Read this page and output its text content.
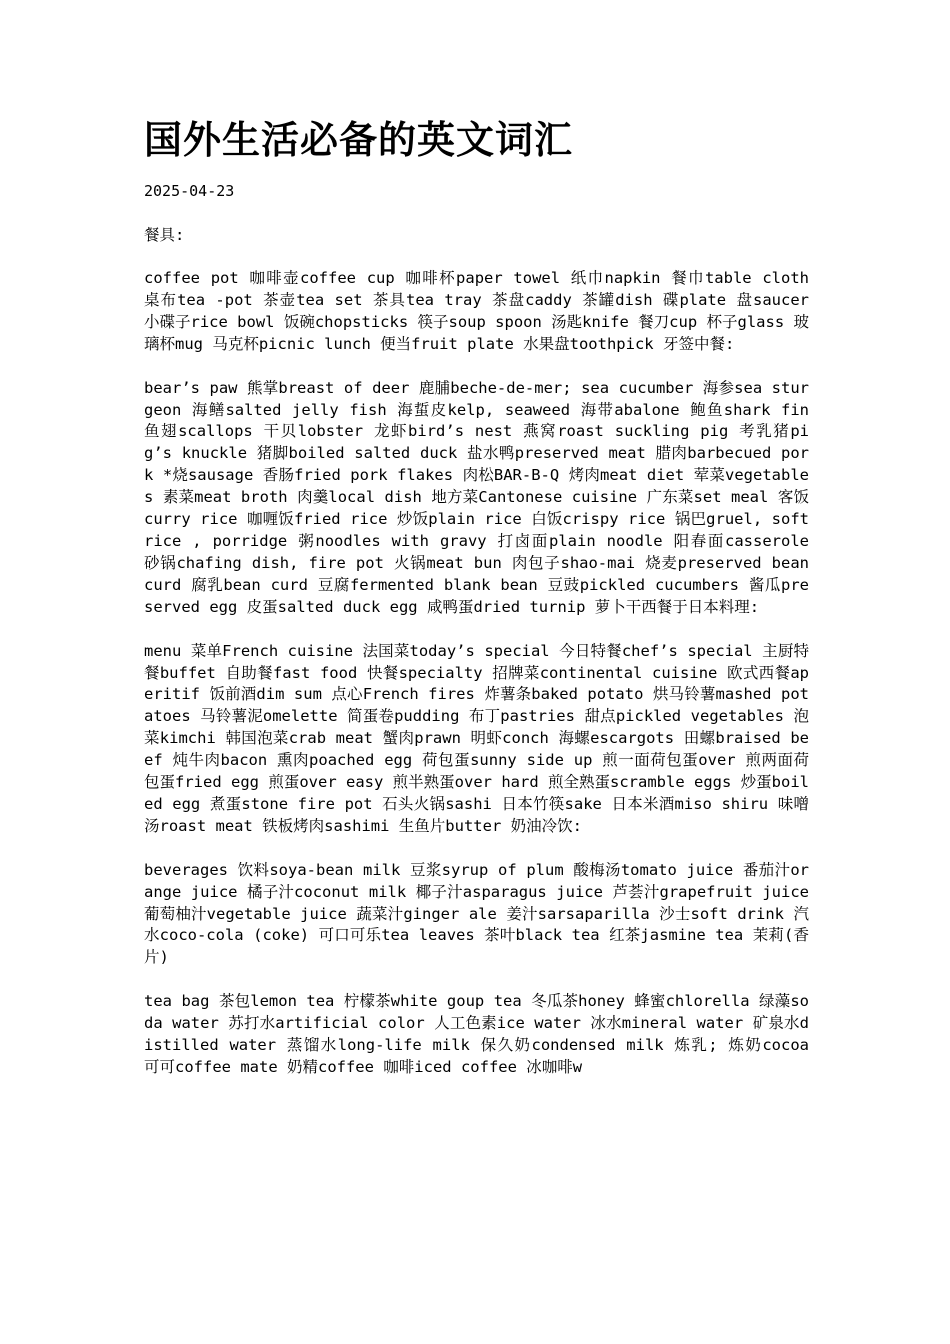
国外生活必备的英文词汇
2025-04-23
餐具:

coffee pot 咖啡壶coffee cup 咖啡杯paper towel 纸巾napkin 餐巾table cloth 桌布tea -pot 茶壶tea set 茶具tea tray 茶盘caddy 茶罐dish 碟plate 盘saucer 小碟子rice bowl 饭碗chopsticks 筷子soup spoon 汤匙knife 餐刀cup 杯子glass 玻璃杯mug 马克杯picnic lunch 便当fruit plate 水果盘toothpick 牙签中餐:

bear’s paw 熊掌breast of deer 鹿脯beche-de-mer; sea cucumber 海参sea sturgeon 海鳝salted jelly fish 海蜇皮kelp, seaweed 海带abalone 鲍鱼shark fin 鱼翅scallops 干贝lobster 龙虾bird’s nest 燕窝roast suckling pig 考乳猪pig’s knuckle 猪脚boiled salted duck 盐水鸭preserved meat 腊肉barbecued pork *烧sausage 香肠fried pork flakes 肉松BAR-B-Q 烤肉meat diet 荤菜vegetables 素菜meat broth 肉羹local dish 地方菜Cantonese cuisine 广东菜set meal 客饭curry rice 咖喱饭fried rice 炒饭plain rice 白饭crispy rice 锅巴gruel, soft rice , porridge 粥noodles with gravy 打卤面plain noodle 阳春面casserole 砂锅chafing dish, fire pot 火锅meat bun 肉包子shao-mai 烧麦preserved bean curd 腐乳bean curd 豆腐fermented blank bean 豆豉pickled cucumbers 酱瓜preserved egg 皮蛋salted duck egg 咸鸭蛋dried turnip 萝卜干西餐于日本料理:

menu 菜单French cuisine 法国菜today’s special 今日特餐chef’s special 主厨特餐buffet 自助餐fast food 快餐specialty 招牌菜continental cuisine 欧式西餐aperitif 饭前酒dim sum 点心French fires 炸薯条baked potato 烘马铃薯mashed potatoes 马铃薯泥omelette 简蛋卷pudding 布丁pastries 甜点pickled vegetables 泡菜kimchi 韩国泡菜crab meat 蟹肉prawn 明虾conch 海螺escargots 田螺braised beef 炖牛肉bacon 熏肉poached egg 荷包蛋sunny side up 煎一面荷包蛋over 煎两面荷包蛋fried egg 煎蛋over easy 煎半熟蛋over hard 煎全熟蛋scramble eggs 炒蛋boiled egg 煮蛋stone fire pot 石头火锅sashi 日本竹筷sake 日本米酒miso shiru 味噌汤roast meat 铁板烤肉sashimi 生鱼片butter 奶油冷饮:

beverages 饮料soya-bean milk 豆浆syrup of plum 酸梅汤tomato juice 番茄汁orange juice 橘子汁coconut milk 椰子汁asparagus juice 芦荟汁grapefruit juice 葡萄柚汁vegetable juice 蔬菜汁ginger ale 姜汁sarsaparilla 沙士soft drink 汽水coco-cola (coke) 可口可乐tea leaves 茶叶black tea 红茶jasmine tea 茉莉(香片)

tea bag 茶包lemon tea 柠檬茶white goup tea 冬瓜茶honey 蜂蜜chlorella 绿藻soda water 苏打水artificial color 人工色素ice water 冰水mineral water 矿泉水distilled water 蒸馏水long-life milk 保久奶condensed milk 炼乳; 炼奶cocoa 可可coffee mate 奶精coffee 咖啡iced coffee 冰咖啡w
